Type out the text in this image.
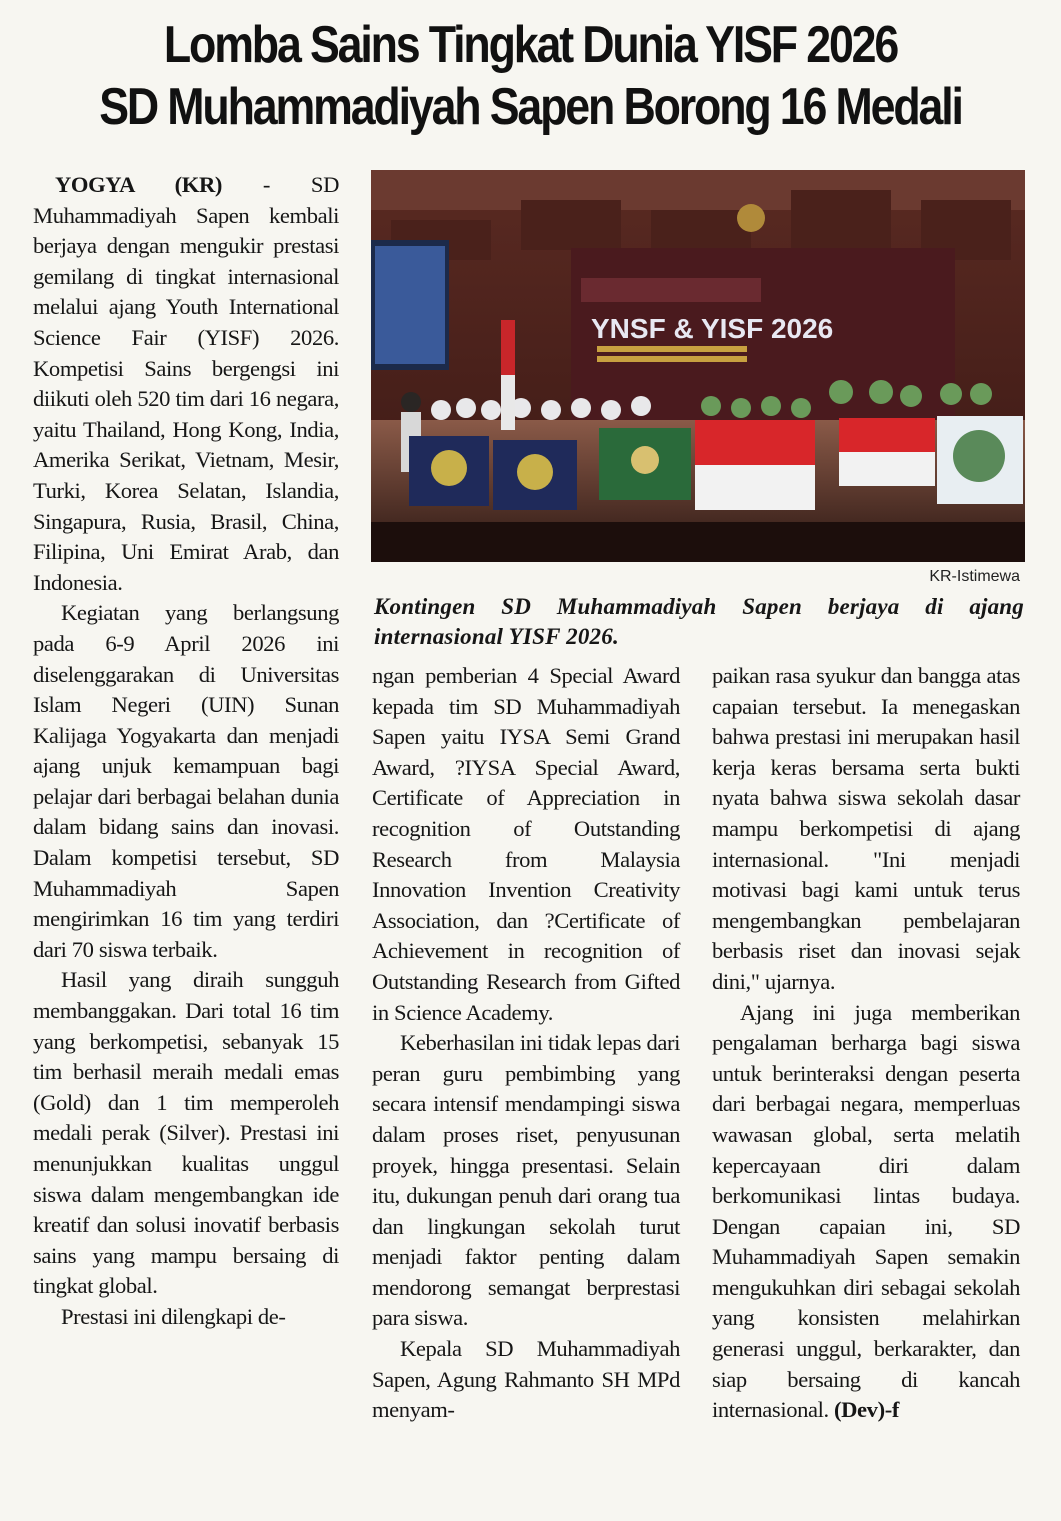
Lomba Sains Tingkat Dunia YISF 2026
SD Muhammadiyah Sapen Borong 16 Medali

YOGYA (KR) - SD Muhammadiyah Sapen kembali berjaya dengan mengukir prestasi gemilang di tingkat internasional melalui ajang Youth International Science Fair (YISF) 2026. Kompetisi Sains bergengsi ini diikuti oleh 520 tim dari 16 negara, yaitu Thailand, Hong Kong, India, Amerika Serikat, Vietnam, Mesir, Turki, Korea Selatan, Islandia, Singapura, Rusia, Brasil, China, Filipina, Uni Emirat Arab, dan Indonesia.

Kegiatan yang berlangsung pada 6-9 April 2026 ini diselenggarakan di Universitas Islam Negeri (UIN) Sunan Kalijaga Yogyakarta dan menjadi ajang unjuk kemampuan bagi pelajar dari berbagai belahan dunia dalam bidang sains dan inovasi. Dalam kompetisi tersebut, SD Muhammadiyah Sapen mengirimkan 16 tim yang terdiri dari 70 siswa terbaik.

Hasil yang diraih sungguh membanggakan. Dari total 16 tim yang berkompetisi, sebanyak 15 tim berhasil meraih medali emas (Gold) dan 1 tim memperoleh medali perak (Silver). Prestasi ini menunjukkan kualitas unggul siswa dalam mengembangkan ide kreatif dan solusi inovatif berbasis sains yang mampu bersaing di tingkat global.

Prestasi ini dilengkapi de-

YNSF & YISF 2026
KR-Istimewa
Kontingen SD Muhammadiyah Sapen berjaya di ajang internasional YISF 2026.

ngan pemberian 4 Special Award kepada tim SD Muhammadiyah Sapen yaitu IYSA Semi Grand Award, ?IYSA Special Award, Certificate of Appreciation in recognition of Outstanding Research from Malaysia Innovation Invention Creativity Association, dan ?Certificate of Achievement in recognition of Outstanding Research from Gifted in Science Academy.

Keberhasilan ini tidak lepas dari peran guru pembimbing yang secara intensif mendampingi siswa dalam proses riset, penyusunan proyek, hingga presentasi. Selain itu, dukungan penuh dari orang tua dan lingkungan sekolah turut menjadi faktor penting dalam mendorong semangat berprestasi para siswa.

Kepala SD Muhammadiyah Sapen, Agung Rahmanto SH MPd menyam-

paikan rasa syukur dan bangga atas capaian tersebut. Ia menegaskan bahwa prestasi ini merupakan hasil kerja keras bersama serta bukti nyata bahwa siswa sekolah dasar mampu berkompetisi di ajang internasional. "Ini menjadi motivasi bagi kami untuk terus mengembangkan pembelajaran berbasis riset dan inovasi sejak dini," ujarnya.

Ajang ini juga memberikan pengalaman berharga bagi siswa untuk berinteraksi dengan peserta dari berbagai negara, memperluas wawasan global, serta melatih kepercayaan diri dalam berkomunikasi lintas budaya. Dengan capaian ini, SD Muhammadiyah Sapen semakin mengukuhkan diri sebagai sekolah yang konsisten melahirkan generasi unggul, berkarakter, dan siap bersaing di kancah internasional. (Dev)-f
